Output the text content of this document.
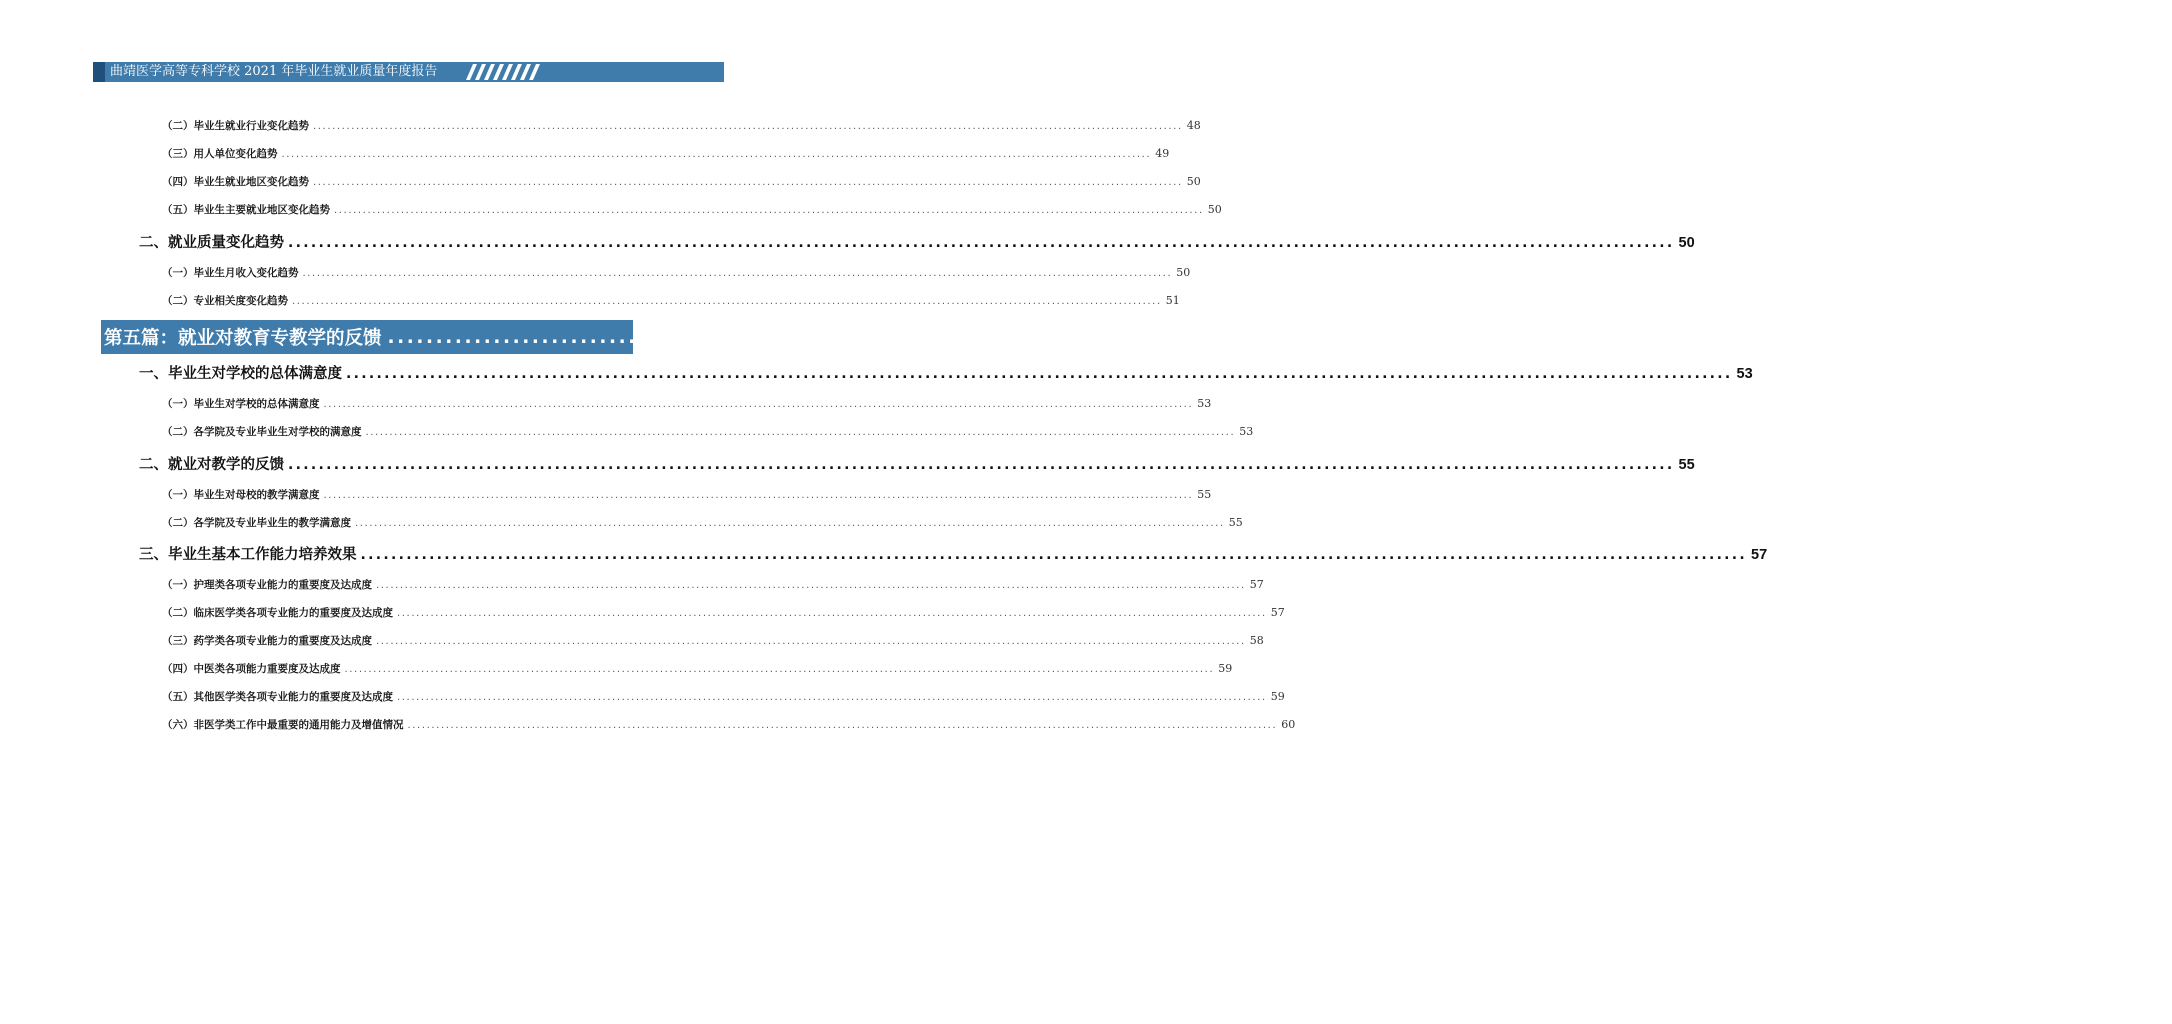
曲靖医学高等专科学校 2021 年毕业生就业质量年度报告
（二）毕业生就业行业变化趋势 ...................................................................................................................................................................................... 48
（三）用人单位变化趋势 ...................................................................................................................................................................................... 49
（四）毕业生就业地区变化趋势 ...................................................................................................................................................................................... 50
（五）毕业生主要就业地区变化趋势 ...................................................................................................................................................................................... 50
二、就业质量变化趋势 ...................................................................................................................................................................................... 50
（一）毕业生月收入变化趋势 ...................................................................................................................................................................................... 50
（二）专业相关度变化趋势 ...................................................................................................................................................................................... 51
第五篇：就业对教育专教学的反馈 ...................................................................................................................................................................................... 53
一、毕业生对学校的总体满意度 ...................................................................................................................................................................................... 53
（一）毕业生对学校的总体满意度 ...................................................................................................................................................................................... 53
（二）各学院及专业毕业生对学校的满意度 ...................................................................................................................................................................................... 53
二、就业对教学的反馈 ...................................................................................................................................................................................... 55
（一）毕业生对母校的教学满意度 ...................................................................................................................................................................................... 55
（二）各学院及专业毕业生的教学满意度 ...................................................................................................................................................................................... 55
三、毕业生基本工作能力培养效果 ...................................................................................................................................................................................... 57
（一）护理类各项专业能力的重要度及达成度 ...................................................................................................................................................................................... 57
（二）临床医学类各项专业能力的重要度及达成度 ...................................................................................................................................................................................... 57
（三）药学类各项专业能力的重要度及达成度 ...................................................................................................................................................................................... 58
（四）中医类各项能力重要度及达成度 ...................................................................................................................................................................................... 59
（五）其他医学类各项专业能力的重要度及达成度 ...................................................................................................................................................................................... 59
（六）非医学类工作中最重要的通用能力及增值情况 ...................................................................................................................................................................................... 60
